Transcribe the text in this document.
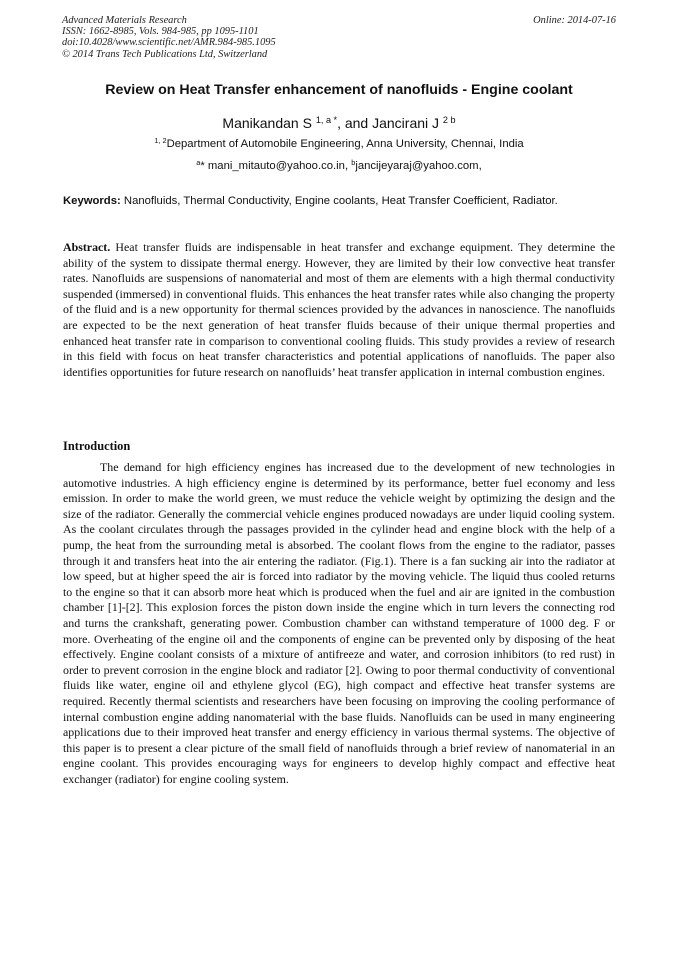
Advanced Materials Research
ISSN: 1662-8985, Vols. 984-985, pp 1095-1101
doi:10.4028/www.scientific.net/AMR.984-985.1095
© 2014 Trans Tech Publications Ltd, Switzerland
Online: 2014-07-16
Review on Heat Transfer enhancement of nanofluids - Engine coolant
Manikandan S $^{1, a *}$, and Jancirani J $^{2 b}$
$^{1, 2}$Department of Automobile Engineering, Anna University, Chennai, India
$^a$* mani_mitauto@yahoo.co.in, $^b$jancijeyaraj@yahoo.com,
Keywords: Nanofluids, Thermal Conductivity, Engine coolants, Heat Transfer Coefficient, Radiator.
Abstract. Heat transfer fluids are indispensable in heat transfer and exchange equipment. They determine the ability of the system to dissipate thermal energy. However, they are limited by their low convective heat transfer rates. Nanofluids are suspensions of nanomaterial and most of them are elements with a high thermal conductivity suspended (immersed) in conventional fluids. This enhances the heat transfer rates while also changing the property of the fluid and is a new opportunity for thermal sciences provided by the advances in nanoscience. The nanofluids are expected to be the next generation of heat transfer fluids because of their unique thermal properties and enhanced heat transfer rate in comparison to conventional cooling fluids. This study provides a review of research in this field with focus on heat transfer characteristics and potential applications of nanofluids. The paper also identifies opportunities for future research on nanofluids’ heat transfer application in internal combustion engines.
Introduction
The demand for high efficiency engines has increased due to the development of new technologies in automotive industries. A high efficiency engine is determined by its performance, better fuel economy and less emission. In order to make the world green, we must reduce the vehicle weight by optimizing the design and the size of the radiator. Generally the commercial vehicle engines produced nowadays are under liquid cooling system. As the coolant circulates through the passages provided in the cylinder head and engine block with the help of a pump, the heat from the surrounding metal is absorbed. The coolant flows from the engine to the radiator, passes through it and transfers heat into the air entering the radiator. (Fig.1). There is a fan sucking air into the radiator at low speed, but at higher speed the air is forced into radiator by the moving vehicle. The liquid thus cooled returns to the engine so that it can absorb more heat which is produced when the fuel and air are ignited in the combustion chamber [1]-[2]. This explosion forces the piston down inside the engine which in turn levers the connecting rod and turns the crankshaft, generating power. Combustion chamber can withstand temperature of 1000 deg. F or more. Overheating of the engine oil and the components of engine can be prevented only by disposing of the heat effectively. Engine coolant consists of a mixture of antifreeze and water, and corrosion inhibitors (to red rust) in order to prevent corrosion in the engine block and radiator [2]. Owing to poor thermal conductivity of conventional fluids like water, engine oil and ethylene glycol (EG), high compact and effective heat transfer systems are required. Recently thermal scientists and researchers have been focusing on improving the cooling performance of internal combustion engine adding nanomaterial with the base fluids. Nanofluids can be used in many engineering applications due to their improved heat transfer and energy efficiency in various thermal systems. The objective of this paper is to present a clear picture of the small field of nanofluids through a brief review of nanomaterial in an engine coolant. This provides encouraging ways for engineers to develop highly compact and effective heat exchanger (radiator) for engine cooling system.
